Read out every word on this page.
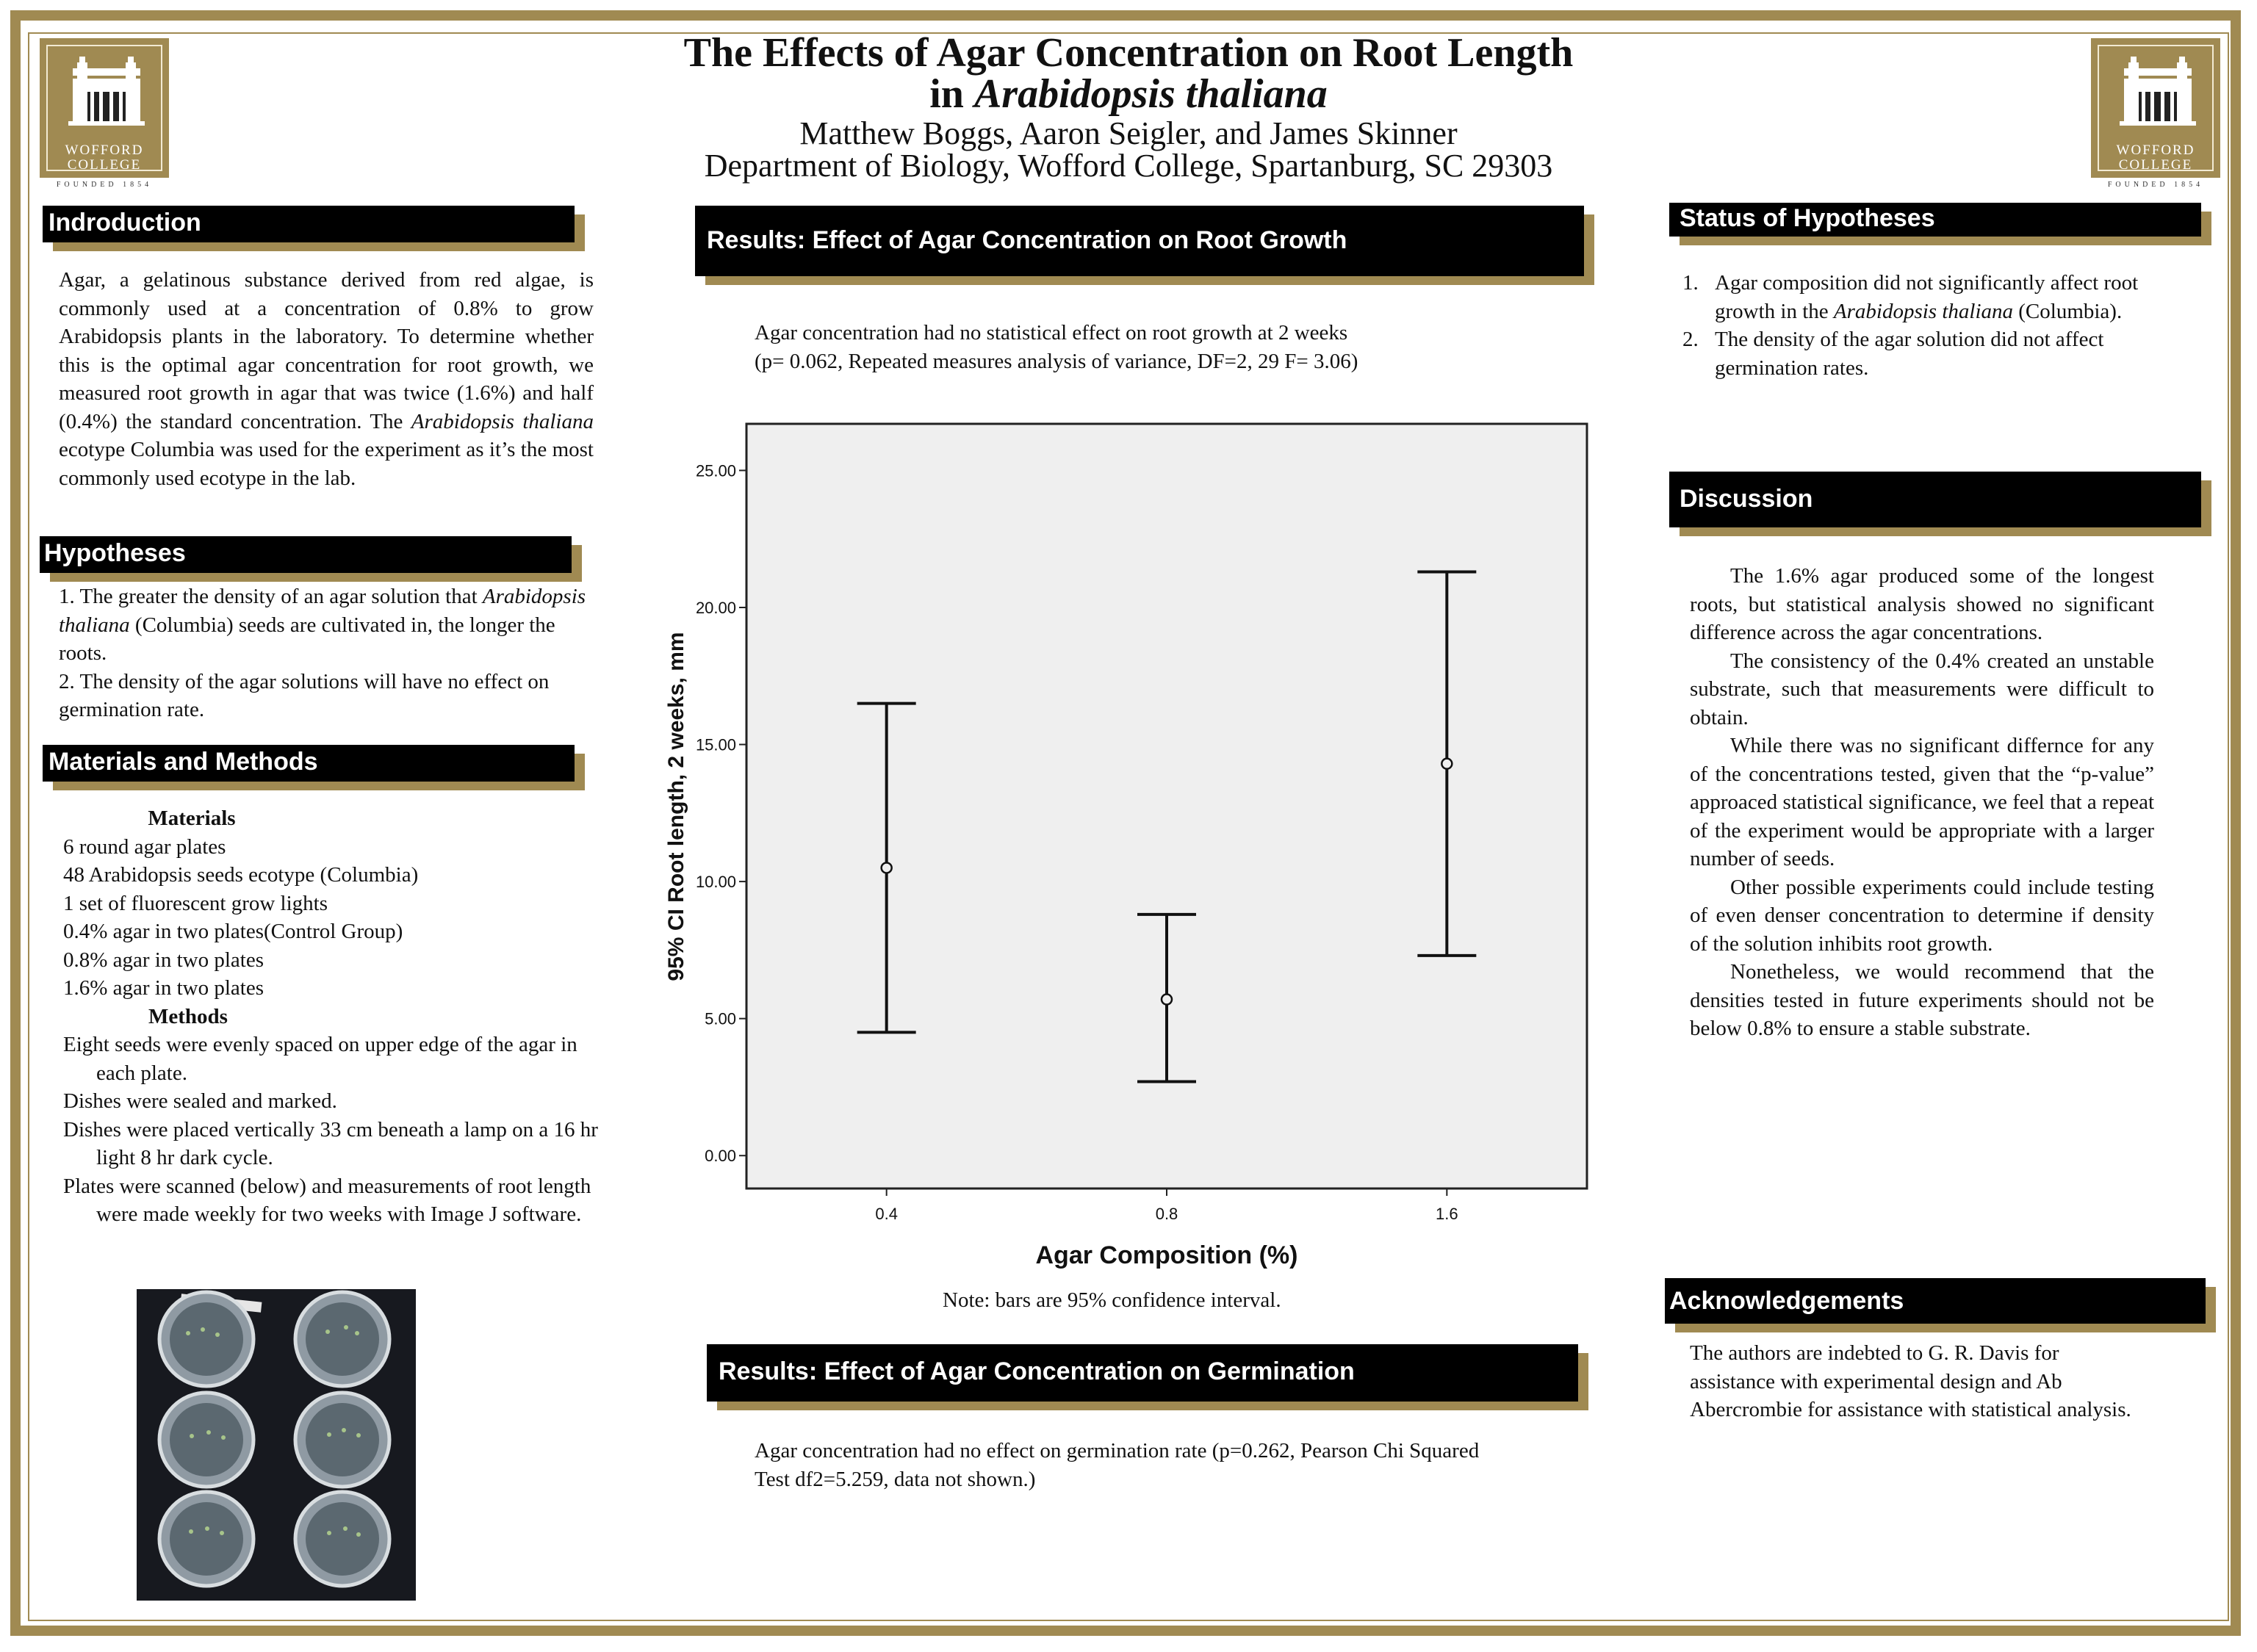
The Effects of Agar Concentration on Root Length
in Arabidopsis thaliana
Matthew Boggs, Aaron Seigler, and James Skinner
Department of Biology, Wofford College, Spartanburg, SC 29303
WOFFORD
COLLEGE
FOUNDED 1854
WOFFORD
COLLEGE
FOUNDED 1854
Indroduction
Agar, a gelatinous substance derived from red algae, is commonly used at a concentration of 0.8% to grow Arabidopsis plants in the laboratory. To determine whether this is the optimal agar concentration for root growth, we measured root growth in agar that was twice (1.6%) and half (0.4%) the standard concentration. The Arabidopsis thaliana ecotype Columbia was used for the experiment as it’s the most commonly used ecotype in the lab.
Hypotheses

1. The greater the density of an agar solution that Arabidopsis thaliana (Columbia) seeds are cultivated in, the longer the roots.

2. The density of the agar solutions will have no effect on germination rate.

Materials and Methods
Materials
6 round agar plates
48 Arabidopsis seeds ecotype (Columbia)
1 set of fluorescent grow lights
0.4% agar in two plates(Control Group)
0.8% agar in two plates
1.6% agar in two plates
Methods

Eight seeds were evenly spaced on upper edge of the agar in each plate.

Dishes were sealed and marked.

Dishes were placed vertically 33 cm beneath a lamp on a 16 hr light 8 hr dark cycle.

Plates were scanned (below) and measurements of root length were made weekly for two weeks with Image J software.

Results: Effect of Agar Concentration on Root Growth
Agar concentration had no statistical effect on root growth at 2 weeks
(p= 0.062, Repeated measures analysis of variance, DF=2, 29 F= 3.06)
0.00
5.00
10.00
15.00
20.00
25.00
0.4	0.8	1.6
Agar Composition (%)
95% CI Root length, 2 weeks, mm
Note: bars are 95% confidence interval.
Results: Effect of Agar Concentration on Germination
Agar concentration had no effect on germination rate (p=0.262, Pearson Chi Squared Test df2=5.259, data not shown.)
Status of Hypotheses
1. Agar composition did not significantly affect root growth in the Arabidopsis thaliana (Columbia).
2. The density of the agar solution did not affect germination rates.
Discussion

The 1.6% agar produced some of the longest roots, but statistical analysis showed no significant difference across the agar concentrations.

The consistency of the 0.4% created an unstable substrate, such that measurements were difficult to obtain.

While there was no significant differnce for any of the concentrations tested, given that the “p-value” approaced statistical significance, we feel that a repeat of the experiment would be appropriate with a larger number of seeds.

Other possible experiments could include testing of even denser concentration to determine if density of the solution inhibits root growth.

Nonetheless, we would recommend that the densities tested in future experiments should not be below 0.8% to ensure a stable substrate.

Acknowledgements
The authors are indebted to G. R. Davis for assistance with experimental design and Ab Abercrombie for assistance with statistical analysis.
